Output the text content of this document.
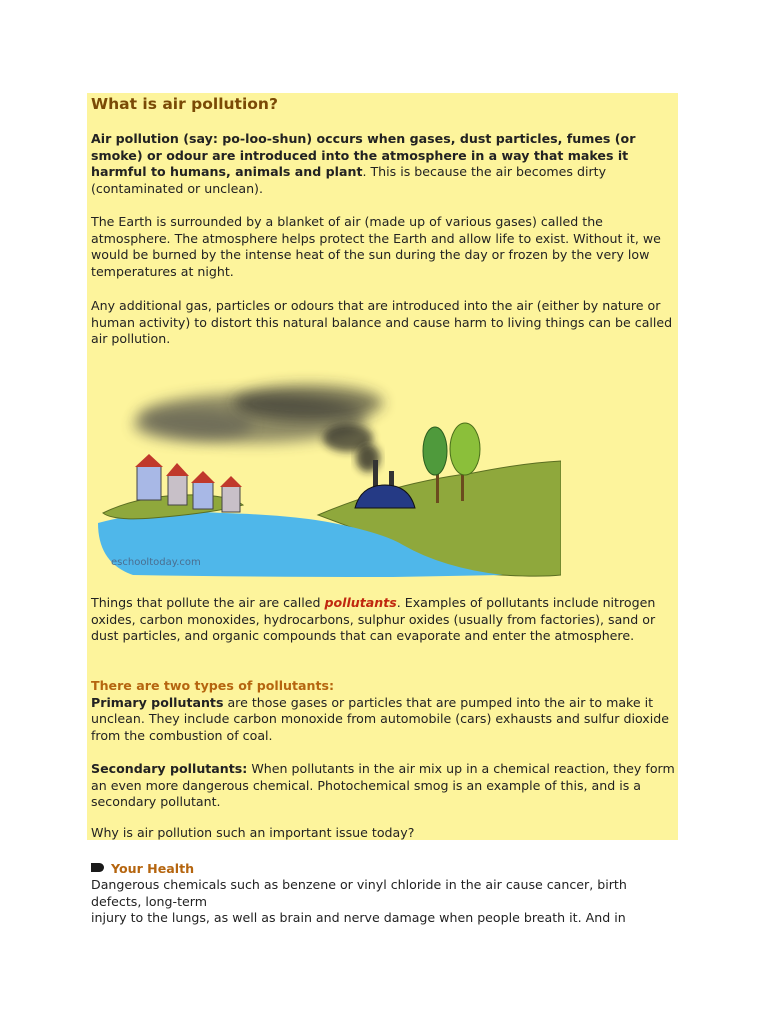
What is air pollution?
Air pollution (say: po-loo-shun) occurs when gases, dust particles, fumes (or smoke) or odour are introduced into the atmosphere in a way that makes it harmful to humans, animals and plant. This is because the air becomes dirty (contaminated or unclean).
The Earth is surrounded by a blanket of air (made up of various gases) called the atmosphere. The atmosphere helps protect the Earth and allow life to exist. Without it, we would be burned by the intense heat of the sun during the day or frozen by the very low temperatures at night.
Any additional gas, particles or odours that are introduced into the air (either by nature or human activity) to distort this natural balance and cause harm to living things can be called air pollution.
eschooltoday.com
Things that pollute the air are called pollutants. Examples of pollutants include nitrogen oxides, carbon monoxides, hydrocarbons, sulphur oxides (usually from factories), sand or dust particles, and organic compounds that can evaporate and enter the atmosphere.
There are two types of pollutants:
Primary pollutants are those gases or particles that are pumped into the air to make it unclean. They include carbon monoxide from automobile (cars) exhausts and sulfur dioxide from the combustion of coal.
Secondary pollutants: When pollutants in the air mix up in a chemical reaction, they form an even more dangerous chemical. Photochemical smog is an example of this, and is a secondary pollutant.
Why is air pollution such an important issue today?
Your Health
Dangerous chemicals such as benzene or vinyl chloride in the air cause cancer, birth defects, long-term
injury to the lungs, as well as brain and nerve damage when people breath it. And in
